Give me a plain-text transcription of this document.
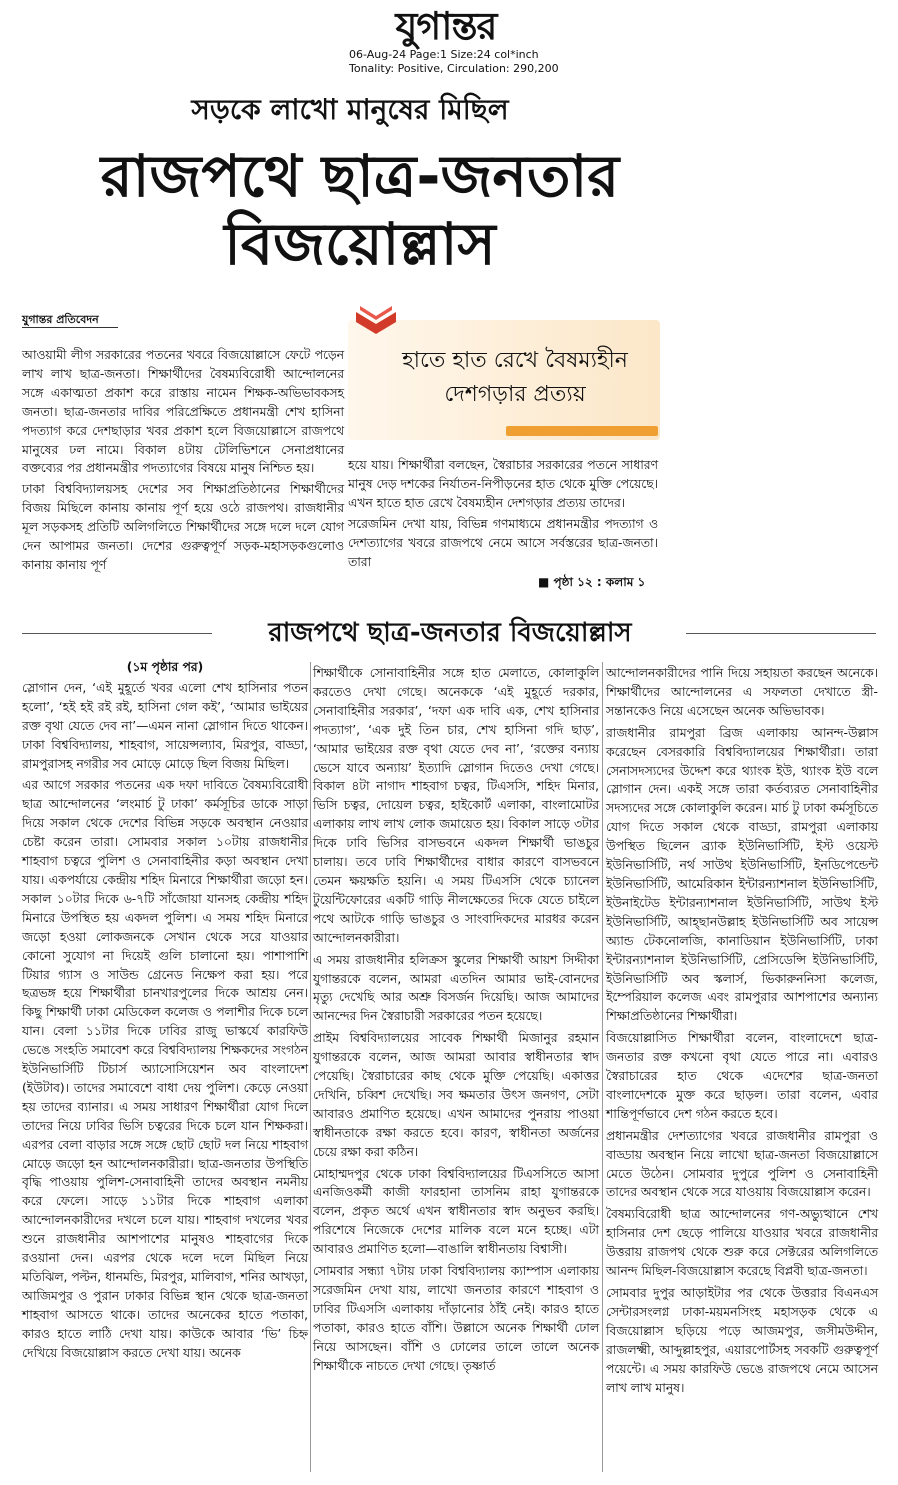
যুগান্তর
06-Aug-24 Page:1 Size:24 col*inch
Tonality: Positive, Circulation: 290,200
সড়কে লাখো মানুষের মিছিল
রাজপথে ছাত্র-জনতার বিজয়োল্লাস
যুগান্তর প্রতিবেদন

আওয়ামী লীগ সরকারের পতনের খবরে বিজয়োল্লাসে ফেটে পড়েন লাখ লাখ ছাত্র-জনতা। শিক্ষার্থীদের বৈষম্যবিরোধী আন্দোলনের সঙ্গে একাত্মতা প্রকাশ করে রাস্তায় নামেন শিক্ষক-অভিভাবকসহ জনতা। ছাত্র-জনতার দাবির পরিপ্রেক্ষিতে প্রধানমন্ত্রী শেখ হাসিনা পদত্যাগ করে দেশছাড়ার খবর প্রকাশ হলে বিজয়োল্লাসে রাজপথে মানুষের ঢল নামে। বিকাল ৪টায় টেলিভিশনে সেনাপ্রধানের বক্তব্যের পর প্রধানমন্ত্রীর পদত্যাগের বিষয়ে মানুষ নিশ্চিত হয়।

ঢাকা বিশ্ববিদ্যালয়সহ দেশের সব শিক্ষাপ্রতিষ্ঠানের শিক্ষার্থীদের বিজয় মিছিলে কানায় কানায় পূর্ণ হয়ে ওঠে রাজপথ। রাজধানীর মূল সড়কসহ প্রতিটি অলিগলিতে শিক্ষার্থীদের সঙ্গে দলে দলে যোগ দেন আপামর জনতা। দেশের গুরুত্বপূর্ণ সড়ক-মহাসড়কগুলোও কানায় কানায় পূর্ণ

হাতে হাত রেখে বৈষম্যহীন দেশগড়ার প্রত্যয়

হয়ে যায়। শিক্ষার্থীরা বলছেন, স্বৈরাচার সরকারের পতনে সাধারণ মানুষ দেড় দশকের নির্যাতন-নিপীড়নের হাত থেকে মুক্তি পেয়েছে। এখন হাতে হাত রেখে বৈষম্যহীন দেশগড়ার প্রত্যয় তাদের।

সরেজমিন দেখা যায়, বিভিন্ন গণমাধ্যমে প্রধানমন্ত্রীর পদত্যাগ ও দেশত্যাগের খবরে রাজপথে নেমে আসে সর্বস্তরের ছাত্র-জনতা। তারা

■ পৃষ্ঠা ১২ : কলাম ১
রাজপথে ছাত্র-জনতার বিজয়োল্লাস
(১ম পৃষ্ঠার পর)

স্লোগান দেন, ‘এই মুহূর্তে খবর এলো শেখ হাসিনার পতন হলো’, ‘হই হই রই রই, হাসিনা গেল কই’, ‘আমার ভাইয়ের রক্ত বৃথা যেতে দেব না’—এমন নানা স্লোগান দিতে থাকেন। ঢাকা বিশ্ববিদ্যালয়, শাহবাগ, সায়েন্সল্যাব, মিরপুর, বাড্ডা, রামপুরাসহ নগরীর সব মোড়ে মোড়ে ছিল বিজয় মিছিল।

এর আগে সরকার পতনের এক দফা দাবিতে বৈষম্যবিরোধী ছাত্র আন্দোলনের ‘লংমার্চ টু ঢাকা’ কর্মসূচির ডাকে সাড়া দিয়ে সকাল থেকে দেশের বিভিন্ন সড়কে অবস্থান নেওয়ার চেষ্টা করেন তারা। সোমবার সকাল ১০টায় রাজধানীর শাহবাগ চত্বরে পুলিশ ও সেনাবাহিনীর কড়া অবস্থান দেখা যায়। একপর্যায়ে কেন্দ্রীয় শহিদ মিনারে শিক্ষার্থীরা জড়ো হন। সকাল ১০টার দিকে ৬-৭টি সাঁজোয়া যানসহ কেন্দ্রীয় শহিদ মিনারে উপস্থিত হয় একদল পুলিশ। এ সময় শহিদ মিনারে জড়ো হওয়া লোকজনকে সেখান থেকে সরে যাওয়ার কোনো সুযোগ না দিয়েই গুলি চালানো হয়। পাশাপাশি টিয়ার গ্যাস ও সাউন্ড গ্রেনেড নিক্ষেপ করা হয়। পরে ছত্রভঙ্গ হয়ে শিক্ষার্থীরা চানখারপুলের দিকে আশ্রয় নেন। কিছু শিক্ষার্থী ঢাকা মেডিকেল কলেজ ও পলাশীর দিকে চলে যান। বেলা ১১টার দিকে ঢাবির রাজু ভাস্কর্যে কারফিউ ভেঙে সংহতি সমাবেশ করে বিশ্ববিদ্যালয় শিক্ষকদের সংগঠন ইউনিভার্সিটি টিচার্স অ্যাসোসিয়েশন অব বাংলাদেশ (ইউটাব)। তাদের সমাবেশে বাধা দেয় পুলিশ। কেড়ে নেওয়া হয় তাদের ব্যানার। এ সময় সাধারণ শিক্ষার্থীরা যোগ দিলে তাদের নিয়ে ঢাবির ভিসি চত্বরের দিকে চলে যান শিক্ষকরা। এরপর বেলা বাড়ার সঙ্গে সঙ্গে ছোট ছোট দল নিয়ে শাহবাগ মোড়ে জড়ো হন আন্দোলনকারীরা। ছাত্র-জনতার উপস্থিতি বৃদ্ধি পাওয়ায় পুলিশ-সেনাবাহিনী তাদের অবস্থান নমনীয় করে ফেলে। সাড়ে ১১টার দিকে শাহবাগ এলাকা আন্দোলনকারীদের দখলে চলে যায়। শাহবাগ দখলের খবর শুনে রাজধানীর আশপাশের মানুষও শাহবাগের দিকে রওয়ানা দেন। এরপর থেকে দলে দলে মিছিল নিয়ে মতিঝিল, পল্টন, ধানমন্ডি, মিরপুর, মালিবাগ, শনির আখড়া, আজিমপুর ও পুরান ঢাকার বিভিন্ন স্থান থেকে ছাত্র-জনতা শাহবাগ আসতে থাকে। তাদের অনেকের হাতে পতাকা, কারও হাতে লাঠি দেখা যায়। কাউকে আবার ‘ভি’ চিহ্ন দেখিয়ে বিজয়োল্লাস করতে দেখা যায়। অনেক

শিক্ষার্থীকে সোনাবাহিনীর সঙ্গে হাত মেলাতে, কোলাকুলি করতেও দেখা গেছে। অনেককে ‘এই মুহূর্তে দরকার, সেনাবাহিনীর সরকার’, ‘দফা এক দাবি এক, শেখ হাসিনার পদত্যাগ’, ‘এক দুই তিন চার, শেখ হাসিনা গদি ছাড়’, ‘আমার ভাইয়ের রক্ত বৃথা যেতে দেব না’, ‘রক্তের বন্যায় ভেসে যাবে অন্যায়’ ইত্যাদি স্লোগান দিতেও দেখা গেছে। বিকাল ৪টা নাগাদ শাহবাগ চত্বর, টিএসসি, শহিদ মিনার, ভিসি চত্বর, দোয়েল চত্বর, হাইকোর্ট এলাকা, বাংলামোটর এলাকায় লাখ লাখ লোক জমায়েত হয়। বিকাল সাড়ে ৩টার দিকে ঢাবি ভিসির বাসভবনে একদল শিক্ষার্থী ভাঙচুর চালায়। তবে ঢাবি শিক্ষার্থীদের বাধার কারণে বাসভবনে তেমন ক্ষয়ক্ষতি হয়নি। এ সময় টিএসসি থেকে চ্যানেল টুয়েন্টিফোরের একটি গাড়ি নীলক্ষেতের দিকে যেতে চাইলে পথে আটকে গাড়ি ভাঙচুর ও সাংবাদিকদের মারধর করেন আন্দোলনকারীরা।

এ সময় রাজধানীর হলিক্রস স্কুলের শিক্ষার্থী আয়শ সিদ্দীকা যুগান্তরকে বলেন, আমরা এতদিন আমার ভাই-বোনদের মৃত্যু দেখেছি আর অশ্রু বিসর্জন দিয়েছি। আজ আমাদের আনন্দের দিন স্বৈরাচারী সরকারের পতন হয়েছে।

প্রাইম বিশ্ববিদ্যালয়ের সাবেক শিক্ষার্থী মিজানুর রহমান যুগান্তরকে বলেন, আজ আমরা আবার স্বাধীনতার স্বাদ পেয়েছি। স্বৈরাচারের কাছ থেকে মুক্তি পেয়েছি। একাত্তর দেখিনি, চব্বিশ দেখেছি। সব ক্ষমতার উৎস জনগণ, সেটা আবারও প্রমাণিত হয়েছে। এখন আমাদের পুনরায় পাওয়া স্বাধীনতাকে রক্ষা করতে হবে। কারণ, স্বাধীনতা অর্জনের চেয়ে রক্ষা করা কঠিন।

মোহাম্মদপুর থেকে ঢাকা বিশ্ববিদ্যালয়ের টিএসসিতে আসা এনজিওকর্মী কাজী ফারহানা তাসনিম রাহা যুগান্তরকে বলেন, প্রকৃত অর্থে এখন স্বাধীনতার স্বাদ অনুভব করছি। পরিশেষে নিজেকে দেশের মালিক বলে মনে হচ্ছে। এটা আবারও প্রমাণিত হলো—বাঙালি স্বাধীনতায় বিশ্বাসী।

সোমবার সন্ধ্যা ৭টায় ঢাকা বিশ্ববিদ্যালয় ক্যাম্পাস এলাকায় সরেজমিন দেখা যায়, লাখো জনতার কারণে শাহবাগ ও ঢাবির টিএসসি এলাকায় দাঁড়ানোর ঠাঁই নেই। কারও হাতে পতাকা, কারও হাতে বাঁশি। উল্লাসে অনেক শিক্ষার্থী ঢোল নিয়ে আসছেন। বাঁশি ও ঢোলের তালে তালে অনেক শিক্ষার্থীকে নাচতে দেখা গেছে। তৃষ্ণার্ত

আন্দোলনকারীদের পানি দিয়ে সহায়তা করছেন অনেকে। শিক্ষার্থীদের আন্দোলনের এ সফলতা দেখাতে স্ত্রী-সন্তানকেও নিয়ে এসেছেন অনেক অভিভাবক।

রাজধানীর রামপুরা ব্রিজ এলাকায় আনন্দ-উল্লাস করেছেন বেসরকারি বিশ্ববিদ্যালয়ের শিক্ষার্থীরা। তারা সেনাসদস্যদের উদ্দেশ করে থ্যাংক ইউ, থ্যাংক ইউ বলে স্লোগান দেন। একই সঙ্গে তারা কর্তব্যরত সেনাবাহিনীর সদস্যদের সঙ্গে কোলাকুলি করেন। মার্চ টু ঢাকা কর্মসূচিতে যোগ দিতে সকাল থেকে বাড্ডা, রামপুরা এলাকায় উপস্থিত ছিলেন ব্র্যাক ইউনিভার্সিটি, ইস্ট ওয়েস্ট ইউনিভার্সিটি, নর্থ সাউথ ইউনিভার্সিটি, ইনডিপেন্ডেন্ট ইউনিভার্সিটি, আমেরিকান ইন্টারন্যাশনাল ইউনিভার্সিটি, ইউনাইটেড ইন্টারন্যাশনাল ইউনিভার্সিটি, সাউথ ইস্ট ইউনিভার্সিটি, আহ্ছানউল্লাহ ইউনিভার্সিটি অব সায়েন্স অ্যান্ড টেকনোলজি, কানাডিয়ান ইউনিভার্সিটি, ঢাকা ইন্টারন্যাশনাল ইউনিভার্সিটি, প্রেসিডেন্সি ইউনিভার্সিটি, ইউনিভার্সিটি অব স্কলার্স, ভিকারুননিসা কলেজ, ইম্পেরিয়াল কলেজ এবং রামপুরার আশপাশের অন্যান্য শিক্ষাপ্রতিষ্ঠানের শিক্ষার্থীরা।

বিজয়োল্লাসিত শিক্ষার্থীরা বলেন, বাংলাদেশে ছাত্র-জনতার রক্ত কখনো বৃথা যেতে পারে না। এবারও স্বৈরাচারের হাত থেকে এদেশের ছাত্র-জনতা বাংলাদেশকে মুক্ত করে ছাড়ল। তারা বলেন, এবার শান্তিপূর্ণভাবে দেশ গঠন করতে হবে।

প্রধানমন্ত্রীর দেশত্যাগের খবরে রাজধানীর রামপুরা ও বাড্ডায় অবস্থান নিয়ে লাখো ছাত্র-জনতা বিজয়োল্লাসে মেতে উঠেন। সোমবার দুপুরে পুলিশ ও সেনাবাহিনী তাদের অবস্থান থেকে সরে যাওয়ায় বিজয়োল্লাস করেন।

বৈষম্যবিরোধী ছাত্র আন্দোলনের গণ-অভ্যুত্থানে শেখ হাসিনার দেশ ছেড়ে পালিয়ে যাওয়ার খবরে রাজধানীর উত্তরায় রাজপথ থেকে শুরু করে সেক্টরের অলিগলিতে আনন্দ মিছিল-বিজয়োল্লাস করেছে বিপ্লবী ছাত্র-জনতা।

সোমবার দুপুর আড়াইটার পর থেকে উত্তরার বিএনএস সেন্টারসংলগ্ন ঢাকা-ময়মনসিংহ মহাসড়ক থেকে এ বিজয়োল্লাস ছড়িয়ে পড়ে আজমপুর, জসীমউদ্দীন, রাজলক্ষ্মী, আব্দুল্লাহপুর, এয়ারপোর্টসহ সবকটি গুরুত্বপূর্ণ পয়েন্টে। এ সময় কারফিউ ভেঙে রাজপথে নেমে আসেন লাখ লাখ মানুষ।
